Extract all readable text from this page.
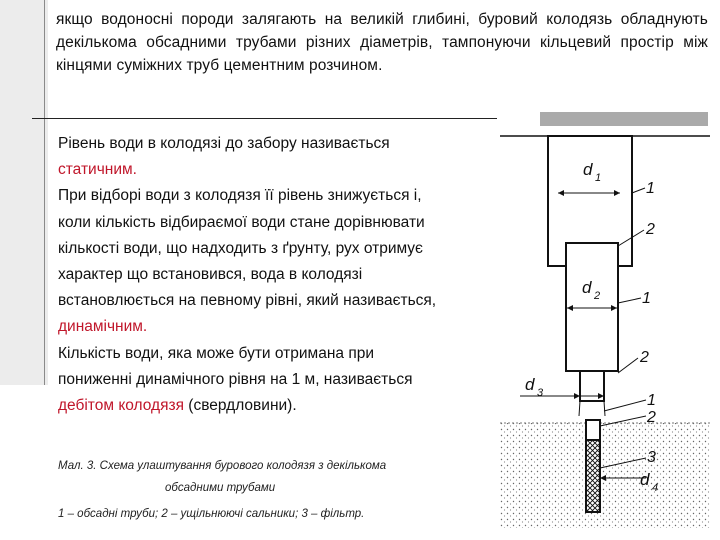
якщо водоносні породи залягають на великій глибині, буровий колодязь обладнують декількома обсадними трубами різних діаметрів, тампонуючи кільцевий простір між кінцями суміжних труб цементним розчином.
Рівень води в колодязі до забору називається
статичним.
При відборі води з колодязя її рівень знижується і,
коли кількість відбираємої води стане дорівнювати
кількості води, що надходить з ґрунту, рух отримує
характер що встановився, вода в колодязі
встановлюється на певному рівні, який називається,
динамічним.
Кількість води, яка може бути отримана при
пониженні динамічного рівня на 1 м, називається
дебітом колодязя (свердловини).
Мал. 3. Схема улаштування бурового колодязя з декількома
обсадними трубами
1 – обсадні труби; 2 – ущільнюючі сальники; 3 – фільтр.
d 1
d 2
d 3
d 4
1
2
1
2
1
2
3
